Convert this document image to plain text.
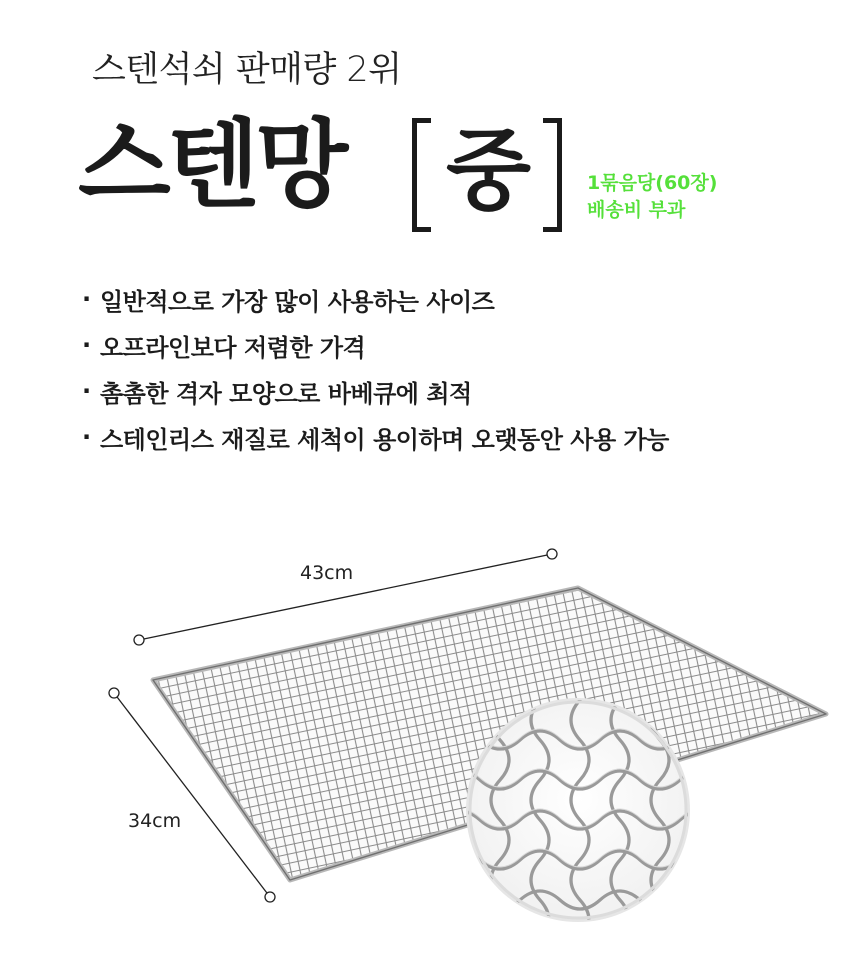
스텐석쇠 판매량 2위
스텐망 중	1묶음당(60장)
배송비 부과
· 일반적으로 가장 많이 사용하는 사이즈
· 오프라인보다 저렴한 가격
· 촘촘한 격자 모양으로 바베큐에 최적
· 스테인리스 재질로 세척이 용이하며 오랫동안 사용 가능
43cm
34cm
